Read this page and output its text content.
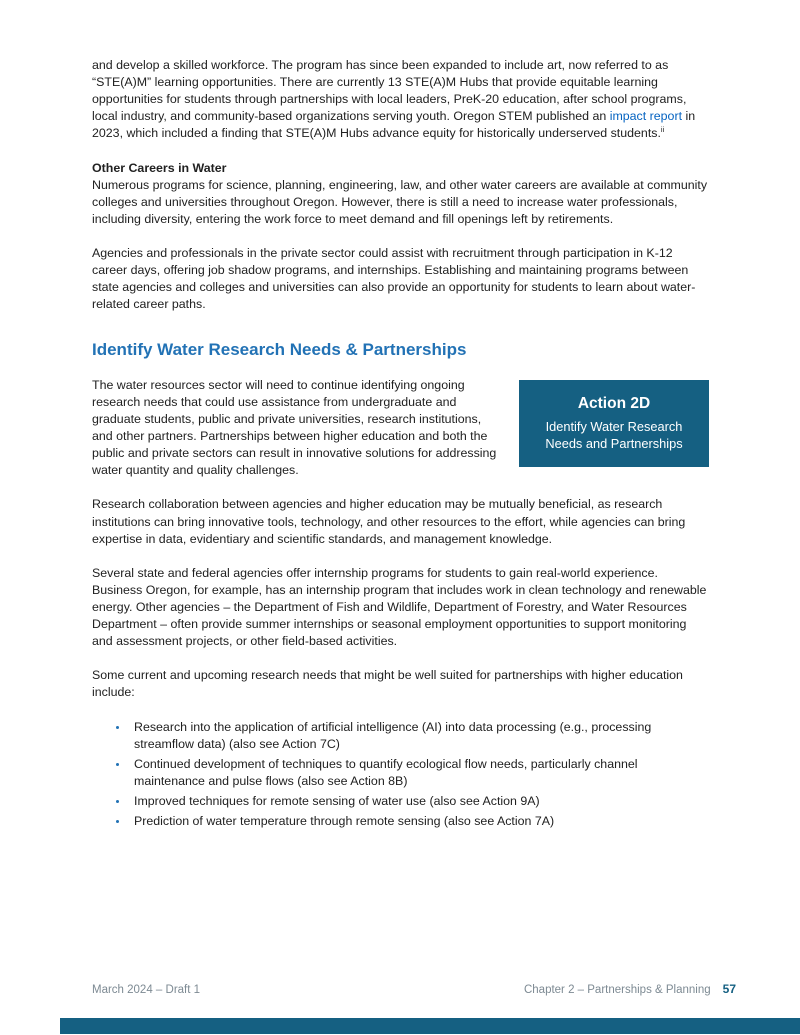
and develop a skilled workforce. The program has since been expanded to include art, now referred to as “STE(A)M” learning opportunities. There are currently 13 STE(A)M Hubs that provide equitable learning opportunities for students through partnerships with local leaders, PreK-20 education, after school programs, local industry, and community-based organizations serving youth. Oregon STEM published an impact report in 2023, which included a finding that STE(A)M Hubs advance equity for historically underserved students.$^{ii}$

Other Careers in Water

Numerous programs for science, planning, engineering, law, and other water careers are available at community colleges and universities throughout Oregon. However, there is still a need to increase water professionals, including diversity, entering the work force to meet demand and fill openings left by retirements.

Agencies and professionals in the private sector could assist with recruitment through participation in K-12 career days, offering job shadow programs, and internships. Establishing and maintaining programs between state agencies and colleges and universities can also provide an opportunity for students to learn about water-related career paths.

Identify Water Research Needs & Partnerships
Action 2D
Identify Water Research Needs and Partnerships

The water resources sector will need to continue identifying ongoing research needs that could use assistance from undergraduate and graduate students, public and private universities, research institutions, and other partners. Partnerships between higher education and both the public and private sectors can result in innovative solutions for addressing water quantity and quality challenges.

Research collaboration between agencies and higher education may be mutually beneficial, as research institutions can bring innovative tools, technology, and other resources to the effort, while agencies can bring expertise in data, evidentiary and scientific standards, and management knowledge.

Several state and federal agencies offer internship programs for students to gain real-world experience. Business Oregon, for example, has an internship program that includes work in clean technology and renewable energy. Other agencies – the Department of Fish and Wildlife, Department of Forestry, and Water Resources Department – often provide summer internships or seasonal employment opportunities to support monitoring and assessment projects, or other field-based activities.

Some current and upcoming research needs that might be well suited for partnerships with higher education include:

• Research into the application of artificial intelligence (AI) into data processing (e.g., processing streamflow data) (also see Action 7C)
• Continued development of techniques to quantify ecological flow needs, particularly channel maintenance and pulse flows (also see Action 8B)
• Improved techniques for remote sensing of water use (also see Action 9A)
• Prediction of water temperature through remote sensing (also see Action 7A)
March 2024 – Draft 1	Chapter 2 – Partnerships & Planning 57
